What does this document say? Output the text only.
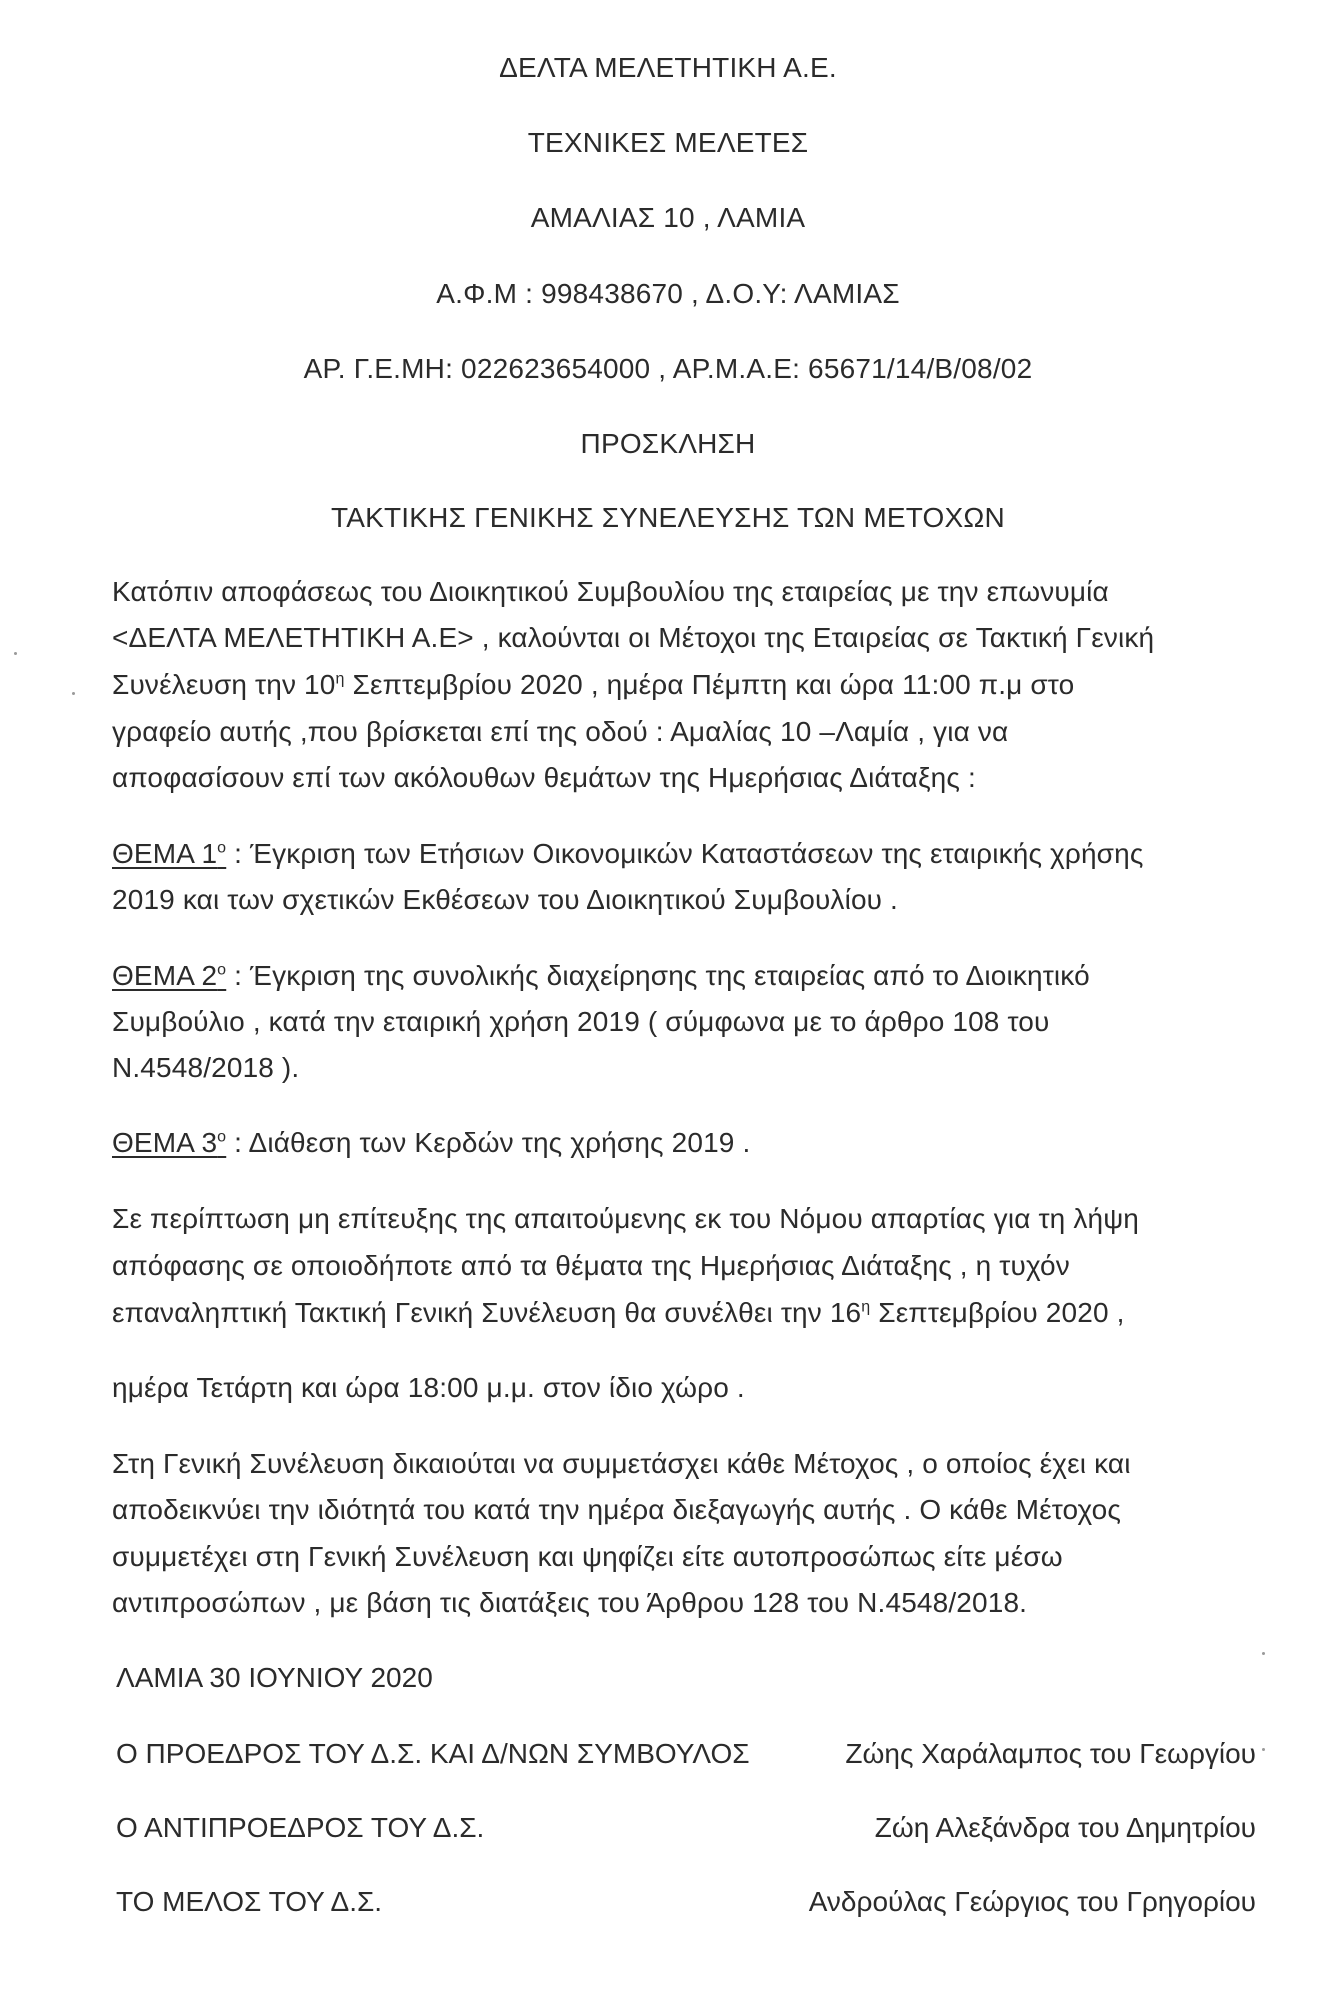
ΔΕΛΤΑ ΜΕΛΕΤΗΤΙΚΗ Α.Ε.
ΤΕΧΝΙΚΕΣ ΜΕΛΕΤΕΣ
ΑΜΑΛΙΑΣ 10 , ΛΑΜΙΑ
Α.Φ.Μ : 998438670 , Δ.Ο.Υ: ΛΑΜΙΑΣ
ΑΡ. Γ.Ε.ΜΗ: 022623654000 , ΑΡ.Μ.Α.Ε: 65671/14/Β/08/02
ΠΡΟΣΚΛΗΣΗ
ΤΑΚΤΙΚΗΣ ΓΕΝΙΚΗΣ ΣΥΝΕΛΕΥΣΗΣ ΤΩΝ ΜΕΤΟΧΩΝ
Κατόπιν αποφάσεως του Διοικητικού Συμβουλίου της εταιρείας με την επωνυμία
<ΔΕΛΤΑ ΜΕΛΕΤΗΤΙΚΗ Α.Ε> , καλούνται οι Μέτοχοι της Εταιρείας σε Τακτική Γενική
Συνέλευση την $10^\eta$ Σεπτεμβρίου 2020 , ημέρα Πέμπτη και ώρα 11:00 π.μ στο
γραφείο αυτής ,που βρίσκεται επί της οδού : Αμαλίας 10 –Λαμία , για να
αποφασίσουν επί των ακόλουθων θεμάτων της Ημερήσιας Διάταξης :
ΘΕΜΑ $1^o$ : Έγκριση των Ετήσιων Οικονομικών Καταστάσεων της εταιρικής χρήσης
2019 και των σχετικών Εκθέσεων του Διοικητικού Συμβουλίου .
ΘΕΜΑ $2^o$ : Έγκριση της συνολικής διαχείρησης της εταιρείας από το Διοικητικό
Συμβούλιο , κατά την εταιρική χρήση 2019 ( σύμφωνα με το άρθρο 108 του
Ν.4548/2018 ).
ΘΕΜΑ $3^o$ : Διάθεση των Κερδών της χρήσης 2019 .
Σε περίπτωση μη επίτευξης της απαιτούμενης εκ του Νόμου απαρτίας για τη λήψη
απόφασης σε οποιοδήποτε από τα θέματα της Ημερήσιας Διάταξης , η τυχόν
επαναληπτική Τακτική Γενική Συνέλευση θα συνέλθει την $16^\eta$ Σεπτεμβρίου 2020 ,
ημέρα Τετάρτη και ώρα 18:00 μ.μ. στον ίδιο χώρο .
Στη Γενική Συνέλευση δικαιούται να συμμετάσχει κάθε Μέτοχος , ο οποίος έχει και
αποδεικνύει την ιδιότητά του κατά την ημέρα διεξαγωγής αυτής . Ο κάθε Μέτοχος
συμμετέχει στη Γενική Συνέλευση και ψηφίζει είτε αυτοπροσώπως είτε μέσω
αντιπροσώπων , με βάση τις διατάξεις του Άρθρου 128 του Ν.4548/2018.
ΛΑΜΙΑ 30 ΙΟΥΝΙΟΥ 2020
Ο ΠΡΟΕΔΡΟΣ ΤΟΥ Δ.Σ. ΚΑΙ Δ/ΝΩΝ ΣΥΜΒΟΥΛΟΣ	Ζώης Χαράλαμπος του Γεωργίου
Ο ΑΝΤΙΠΡΟΕΔΡΟΣ ΤΟΥ Δ.Σ.	Ζώη Αλεξάνδρα του Δημητρίου
ΤΟ ΜΕΛΟΣ ΤΟΥ Δ.Σ.	Ανδρούλας Γεώργιος του Γρηγορίου
